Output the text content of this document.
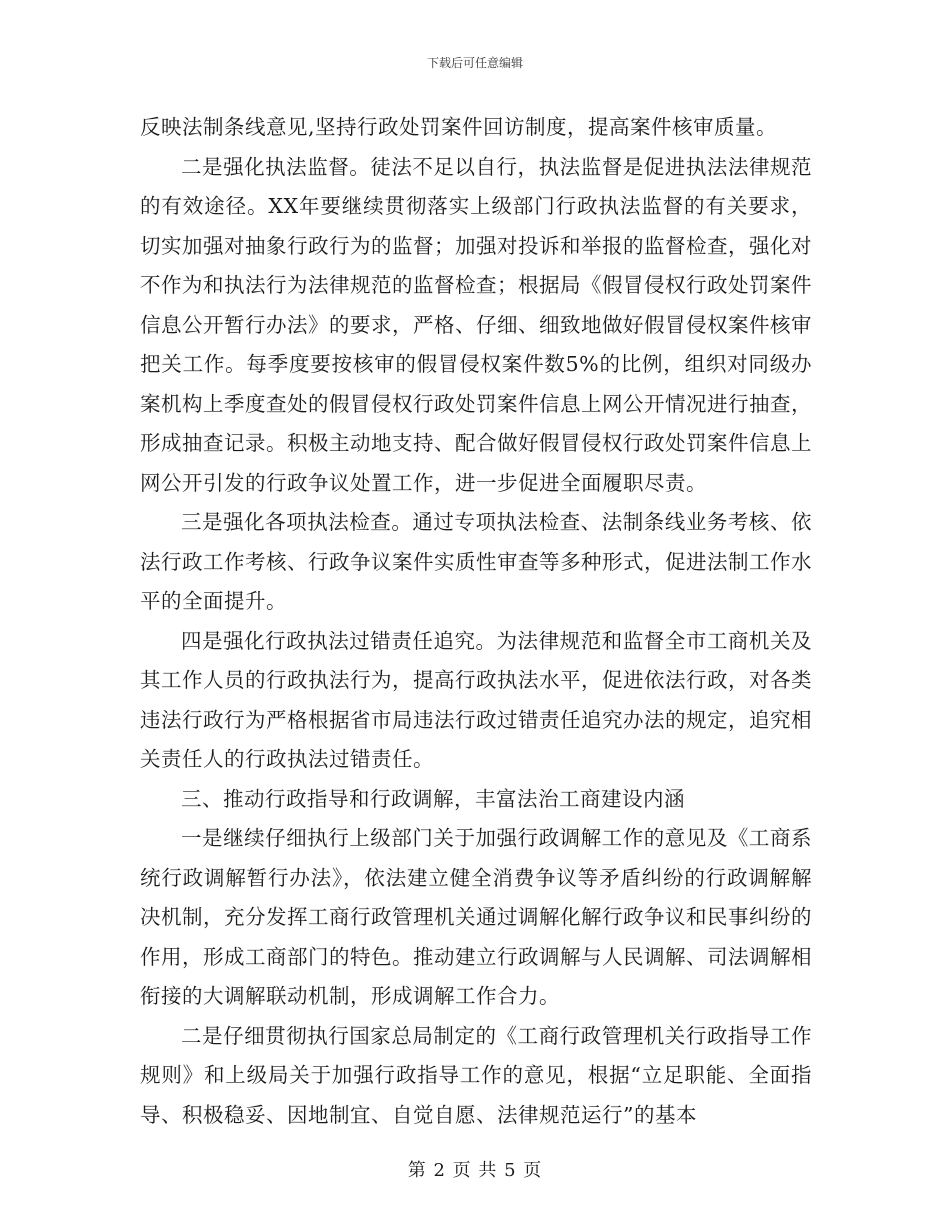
下载后可任意编辑

反映法制条线意见,坚持行政处罚案件回访制度，提高案件核审质量。

二是强化执法监督。徒法不足以自行，执法监督是促进执法法律规范的有效途径。XX年要继续贯彻落实上级部门行政执法监督的有关要求，切实加强对抽象行政行为的监督；加强对投诉和举报的监督检查，强化对不作为和执法行为法律规范的监督检查；根据局《假冒侵权行政处罚案件信息公开暂行办法》的要求，严格、仔细、细致地做好假冒侵权案件核审把关工作。每季度要按核审的假冒侵权案件数5%的比例，组织对同级办案机构上季度查处的假冒侵权行政处罚案件信息上网公开情况进行抽查，形成抽查记录。积极主动地支持、配合做好假冒侵权行政处罚案件信息上网公开引发的行政争议处置工作，进一步促进全面履职尽责。

三是强化各项执法检查。通过专项执法检查、法制条线业务考核、依法行政工作考核、行政争议案件实质性审查等多种形式，促进法制工作水平的全面提升。

四是强化行政执法过错责任追究。为法律规范和监督全市工商机关及其工作人员的行政执法行为，提高行政执法水平，促进依法行政，对各类违法行政行为严格根据省市局违法行政过错责任追究办法的规定，追究相关责任人的行政执法过错责任。

三、推动行政指导和行政调解，丰富法治工商建设内涵

一是继续仔细执行上级部门关于加强行政调解工作的意见及《工商系统行政调解暂行办法》，依法建立健全消费争议等矛盾纠纷的行政调解解决机制，充分发挥工商行政管理机关通过调解化解行政争议和民事纠纷的作用，形成工商部门的特色。推动建立行政调解与人民调解、司法调解相衔接的大调解联动机制，形成调解工作合力。

二是仔细贯彻执行国家总局制定的《工商行政管理机关行政指导工作规则》和上级局关于加强行政指导工作的意见，根据“立足职能、全面指导、积极稳妥、因地制宜、自觉自愿、法律规范运行”的基本

第 2 页 共 5 页
